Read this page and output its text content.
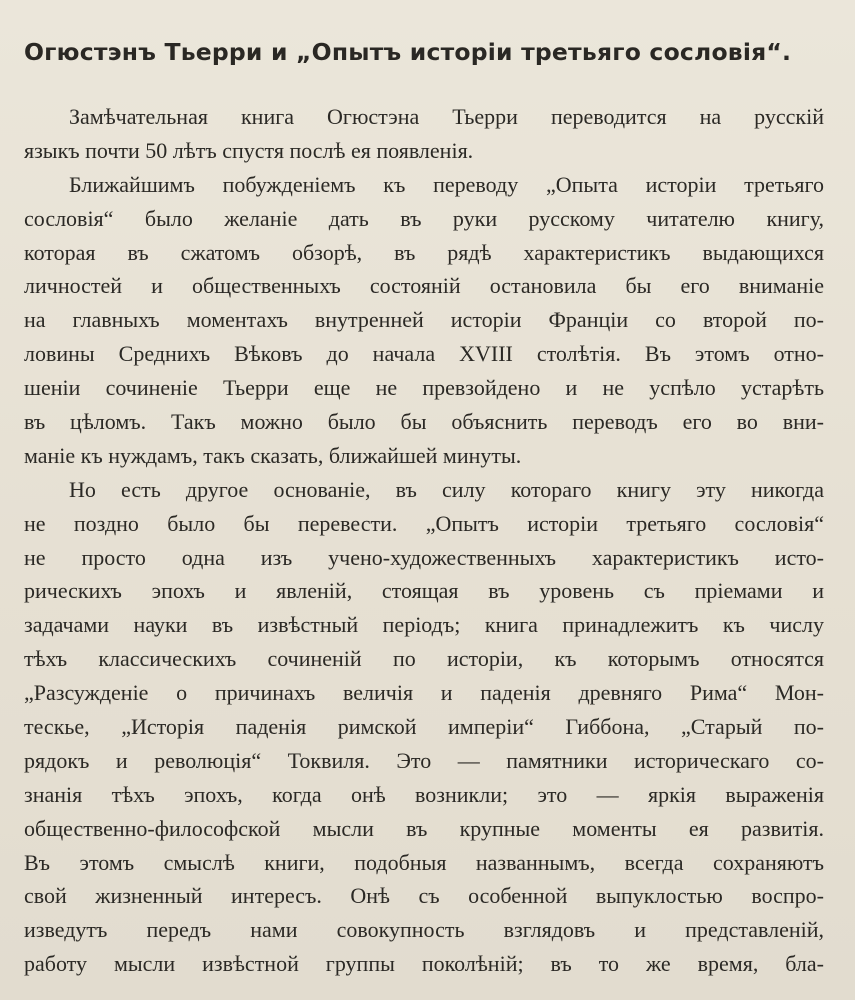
Огюстэнъ Тьерри и „Опытъ исторiи третьяго сословiя“.
Замѣчательная книга Огюстэна Тьерри переводится на русскiй
языкъ почти 50 лѣтъ спустя послѣ ея появленiя.
Ближайшимъ побужденiемъ къ переводу „Опыта исторiи третьяго
сословiя“ было желанiе дать въ руки русскому читателю книгу,
которая въ сжатомъ обзорѣ, въ рядѣ характеристикъ выдающихся
личностей и общественныхъ состоянiй остановила бы его вниманiе
на главныхъ моментахъ внутренней исторiи Францiи со второй по-
ловины Среднихъ Вѣковъ до начала XVIII столѣтiя. Въ этомъ отно-
шенiи сочиненiе Тьерри еще не превзойдено и не успѣло устарѣть
въ цѣломъ. Такъ можно было бы объяснить переводъ его во вни-
манiе къ нуждамъ, такъ сказать, ближайшей минуты.
Но есть другое основанiе, въ силу котораго книгу эту никогда
не поздно было бы перевести. „Опытъ исторiи третьяго сословiя“
не просто одна изъ учено-художественныхъ характеристикъ исто-
рическихъ эпохъ и явленiй, стоящая въ уровень съ прiемами и
задачами науки въ извѣстный перiодъ; книга принадлежитъ къ числу
тѣхъ классическихъ сочиненiй по исторiи, къ которымъ относятся
„Разсужденiе о причинахъ величiя и паденiя древняго Рима“ Мон-
тескье, „Исторiя паденiя римской имперiи“ Гиббона, „Старый по-
рядокъ и революцiя“ Токвиля. Это — памятники историческаго со-
знанiя тѣхъ эпохъ, когда онѣ возникли; это — яркiя выраженiя
общественно-философской мысли въ крупные моменты ея развитiя.
Въ этомъ смыслѣ книги, подобныя названнымъ, всегда сохраняютъ
свой жизненный интересъ. Онѣ съ особенной выпуклостью воспро-
изведутъ передъ нами совокупность взглядовъ и представленiй,
работу мысли извѣстной группы поколѣнiй; въ то же время, бла-
